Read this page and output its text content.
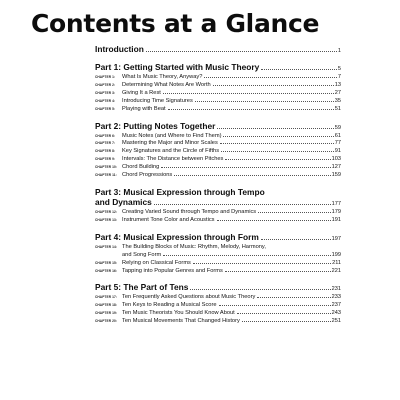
Contents at a Glance
Introduction	1
Part 1: Getting Started with Music Theory	5
CHAPTER 1:	What Is Music Theory, Anyway?	7
CHAPTER 2:	Determining What Notes Are Worth	13
CHAPTER 3:	Giving It a Rest	27
CHAPTER 4:	Introducing Time Signatures	35
CHAPTER 5:	Playing with Beat	51
Part 2: Putting Notes Together	59
CHAPTER 6:	Music Notes (and Where to Find Them)	61
CHAPTER 7:	Mastering the Major and Minor Scales	77
CHAPTER 8:	Key Signatures and the Circle of Fifths	91
CHAPTER 9:	Intervals: The Distance between Pitches	103
CHAPTER 10: Chord Building	127
CHAPTER 11: Chord Progressions	159
Part 3: Musical Expression through Tempo
and Dynamics	177
CHAPTER 12: Creating Varied Sound through Tempo and Dynamics	179
CHAPTER 13: Instrument Tone Color and Acoustics	191
Part 4: Musical Expression through Form	197
CHAPTER 14: The Building Blocks of Music: Rhythm, Melody, Harmony,
and Song Form	199
CHAPTER 15: Relying on Classical Forms	211
CHAPTER 16: Tapping into Popular Genres and Forms	221
Part 5: The Part of Tens	231
CHAPTER 17: Ten Frequently Asked Questions about Music Theory	233
CHAPTER 18: Ten Keys to Reading a Musical Score	237
CHAPTER 19: Ten Music Theorists You Should Know About	243
CHAPTER 20: Ten Musical Movements That Changed History	251
